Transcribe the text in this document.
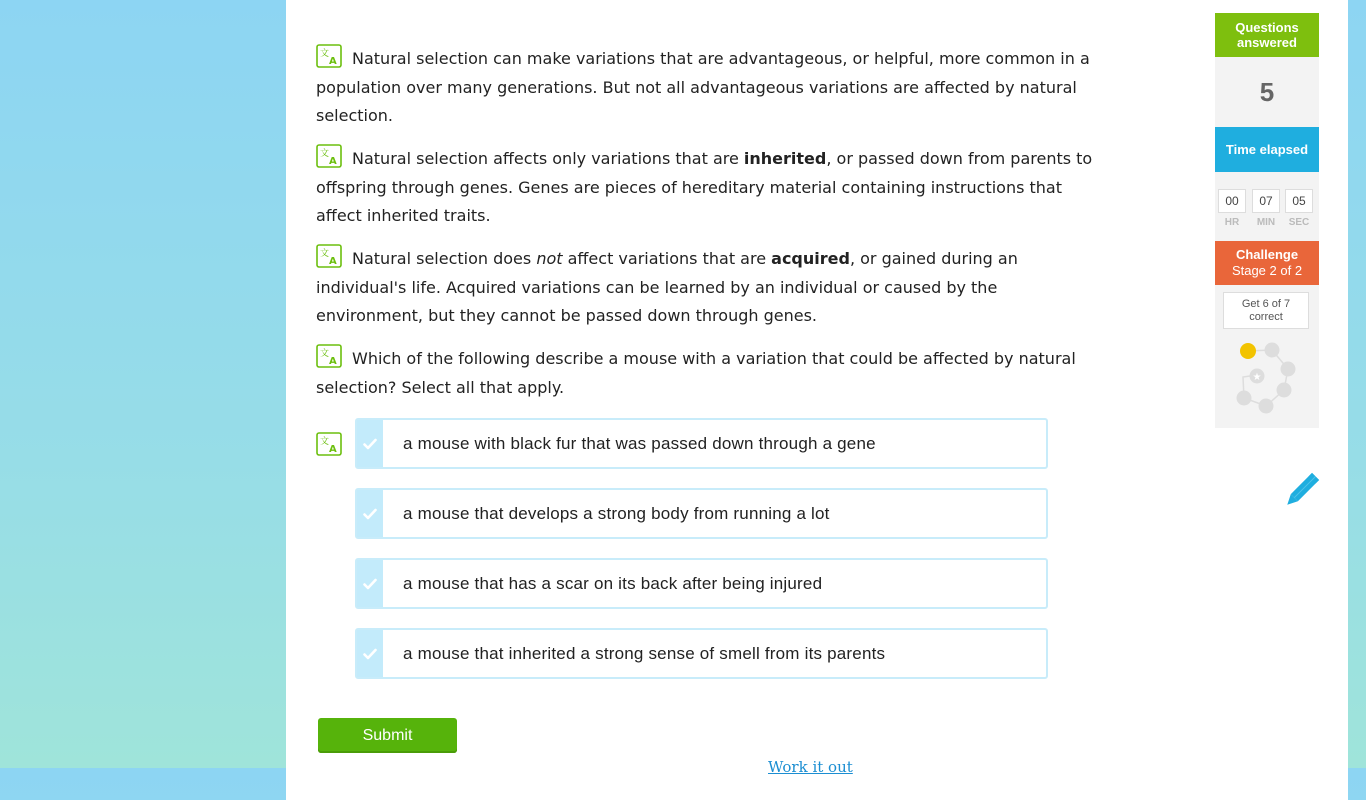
文
A Natural selection can make variations that are advantageous, or helpful, more common in a population over many generations. But not all advantageous variations are affected by natural selection.
文
A Natural selection affects only variations that are inherited, or passed down from parents to offspring through genes. Genes are pieces of hereditary material containing instructions that affect inherited traits.
文
A Natural selection does not affect variations that are acquired, or gained during an individual's life. Acquired variations can be learned by an individual or caused by the environment, but they cannot be passed down through genes.
文
A Which of the following describe a mouse with a variation that could be affected by natural selection? Select all that apply.
文
A	a mouse with black fur that was passed down through a gene
a mouse that develops a strong body from running a lot
a mouse that has a scar on its back after being injured
a mouse that inherited a strong sense of smell from its parents
Submit
Work it out
Questions answered
5
Time elapsed
00	07	05
HR	MIN	SEC
Challenge
Stage 2 of 2
Get 6 of 7 correct
★
